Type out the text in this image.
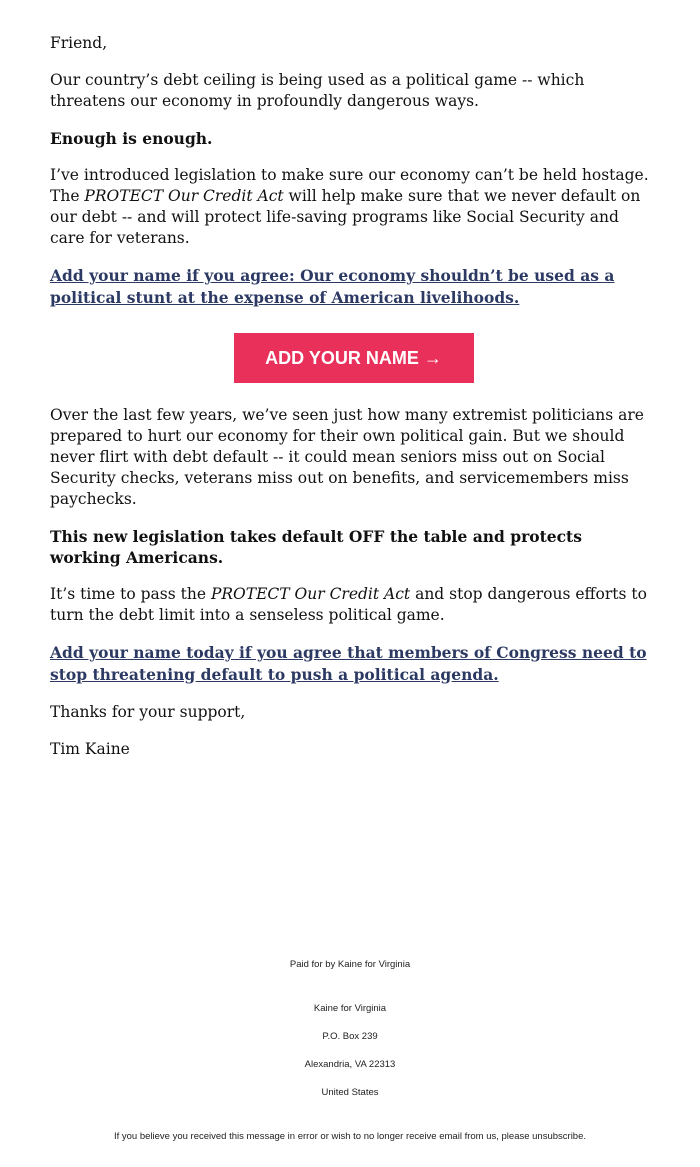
Friend,

Our country’s debt ceiling is being used as a political game -- which threatens our economy in profoundly dangerous ways.

Enough is enough.

I’ve introduced legislation to make sure our economy can’t be held hostage. The PROTECT Our Credit Act will help make sure that we never default on our debt -- and will protect life-saving programs like Social Security and care for veterans.

Add your name if you agree: Our economy shouldn’t be used as a political stunt at the expense of American livelihoods.

ADD YOUR NAME →

Over the last few years, we’ve seen just how many extremist politicians are prepared to hurt our economy for their own political gain. But we should never flirt with debt default -- it could mean seniors miss out on Social Security checks, veterans miss out on benefits, and servicemembers miss paychecks.

This new legislation takes default OFF the table and protects working Americans.

It’s time to pass the PROTECT Our Credit Act and stop dangerous efforts to turn the debt limit into a senseless political game.

Add your name today if you agree that members of Congress need to stop threatening default to push a political agenda.

Thanks for your support,

Tim Kaine

Paid for by Kaine for Virginia
Kaine for Virginia
P.O. Box 239
Alexandria, VA 22313
United States
If you believe you received this message in error or wish to no longer receive email from us, please unsubscribe.
